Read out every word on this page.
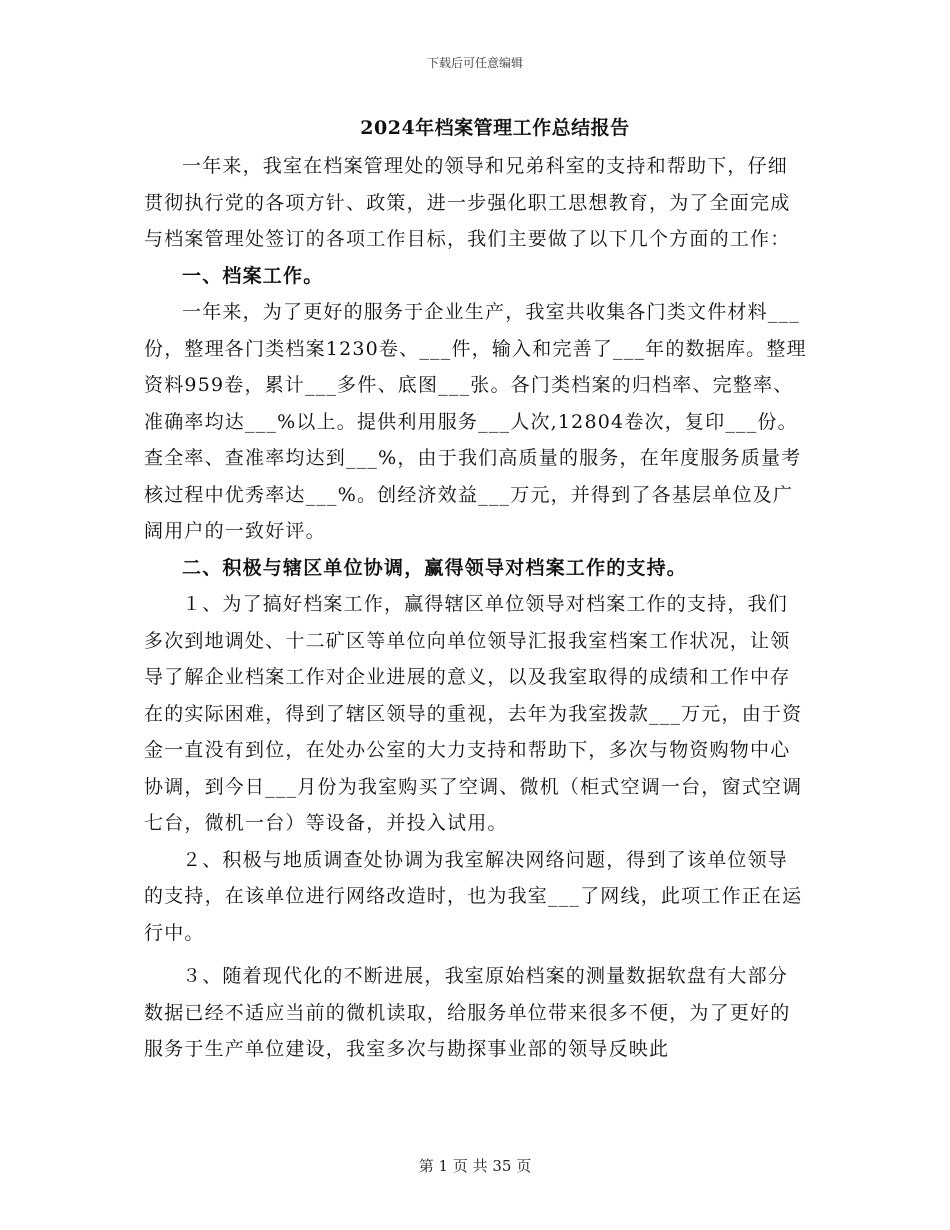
下载后可任意编辑
2024年档案管理工作总结报告

一年来，我室在档案管理处的领导和兄弟科室的支持和帮助下，仔细贯彻执行党的各项方针、政策，进一步强化职工思想教育，为了全面完成与档案管理处签订的各项工作目标，我们主要做了以下几个方面的工作：

一、档案工作。

一年来，为了更好的服务于企业生产，我室共收集各门类文件材料___份，整理各门类档案1230卷、___件，输入和完善了___年的数据库。整理资料959卷，累计___多件、底图___张。各门类档案的归档率、完整率、准确率均达___%以上。提供利用服务___人次,12804卷次，复印___份。查全率、查准率均达到___%，由于我们高质量的服务，在年度服务质量考核过程中优秀率达___%。创经济效益___万元，并得到了各基层单位及广阔用户的一致好评。

二、积极与辖区单位协调，赢得领导对档案工作的支持。

１、为了搞好档案工作，赢得辖区单位领导对档案工作的支持，我们多次到地调处、十二矿区等单位向单位领导汇报我室档案工作状况，让领导了解企业档案工作对企业进展的意义，以及我室取得的成绩和工作中存在的实际困难，得到了辖区领导的重视，去年为我室拨款___万元，由于资金一直没有到位，在处办公室的大力支持和帮助下，多次与物资购物中心协调，到今日___月份为我室购买了空调、微机（柜式空调一台，窗式空调七台，微机一台）等设备，并投入试用。

２、积极与地质调查处协调为我室解决网络问题，得到了该单位领导的支持，在该单位进行网络改造时，也为我室___了网线，此项工作正在运行中。

３、随着现代化的不断进展，我室原始档案的测量数据软盘有大部分数据已经不适应当前的微机读取，给服务单位带来很多不便，为了更好的服务于生产单位建设，我室多次与勘探事业部的领导反映此

第 1 页 共 35 页
